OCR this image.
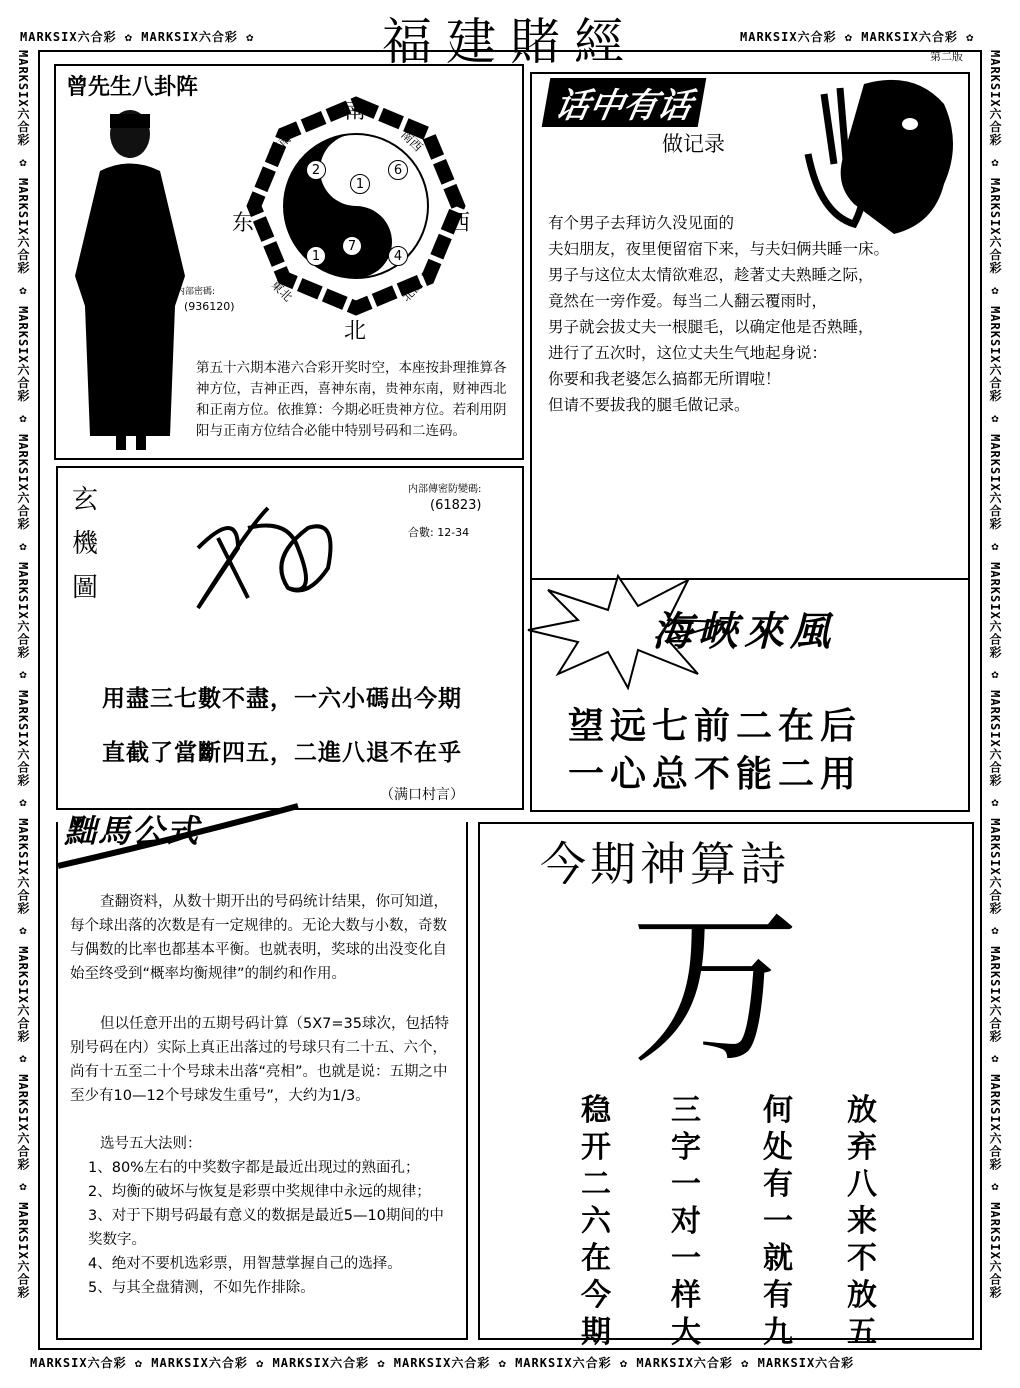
MARKSIX六合彩 ✿ MARKSIX六合彩 ✿	MARKSIX六合彩 ✿ MARKSIX六合彩 ✿
MARKSIX六合彩 ✿ MARKSIX六合彩 ✿ MARKSIX六合彩 ✿ MARKSIX六合彩 ✿ MARKSIX六合彩 ✿ MARKSIX六合彩 ✿ MARKSIX六合彩
MARKSIX六合彩 ✿ MARKSIX六合彩 ✿ MARKSIX六合彩 ✿ MARKSIX六合彩 ✿ MARKSIX六合彩 ✿ MARKSIX六合彩 ✿ MARKSIX六合彩 ✿ MARKSIX六合彩 ✿ MARKSIX六合彩 ✿ MARKSIX六合彩
MARKSIX六合彩 ✿ MARKSIX六合彩 ✿ MARKSIX六合彩 ✿ MARKSIX六合彩 ✿ MARKSIX六合彩 ✿ MARKSIX六合彩 ✿ MARKSIX六合彩 ✿ MARKSIX六合彩 ✿ MARKSIX六合彩 ✿ MARKSIX六合彩
福建賭經	第二版
曾先生八卦阵
内部密碼:
(936120)
南
北
东	西
東南	南西
東北	北西
2
1
6
1
7
4
第五十六期本港六合彩开奖时空，本座按卦理推算各神方位，吉神正西，喜神东南，贵神东南，财神西北和正南方位。依推算：今期必旺贵神方位。若利用阴阳与正南方位结合必能中特别号码和二连码。
话中有话
做记录
有个男子去拜访久没见面的
夫妇朋友，夜里便留宿下来，与夫妇俩共睡一床。
男子与这位太太情欲难忍，趁著丈夫熟睡之际，
竟然在一旁作爱。每当二人翻云覆雨时，
男子就会拔丈夫一根腿毛，以确定他是否熟睡，
进行了五次时，这位丈夫生气地起身说：
你要和我老婆怎么搞都无所谓啦！
但请不要拔我的腿毛做记录。
玄
機
圖
内部傳密防變碼:
(61823)
合數: 12-34
用盡三七數不盡，一六小碼出今期
直截了當斷四五，二進八退不在乎
（满口村言）
海峽來風
望远七前二在后
一心总不能二用
黜馬公式
查翻资料，从数十期开出的号码统计结果，你可知道，每个球出落的次数是有一定规律的。无论大数与小数，奇数与偶数的比率也都基本平衡。也就表明，奖球的出没变化自始至终受到“概率均衡规律”的制约和作用。
但以任意开出的五期号码计算（5X7=35球次，包括特别号码在内）实际上真正出落过的号球只有二十五、六个，尚有十五至二十个号球未出落“亮相”。也就是说：五期之中至少有10—12个号球发生重号”，大约为1/3。
选号五大法则：
1、80%左右的中奖数字都是最近出现过的熟面孔；
2、均衡的破坏与恢复是彩票中奖规律中永远的规律；
3、对于下期号码最有意义的数据是最近5—10期间的中奖数字。
4、绝对不要机选彩票，用智慧掌握自己的选择。
5、与其全盘猜测，不如先作排除。
今期神算詩
万
稳开二六在今期
三字一对一样大
何处有一就有九
放弃八来不放五
